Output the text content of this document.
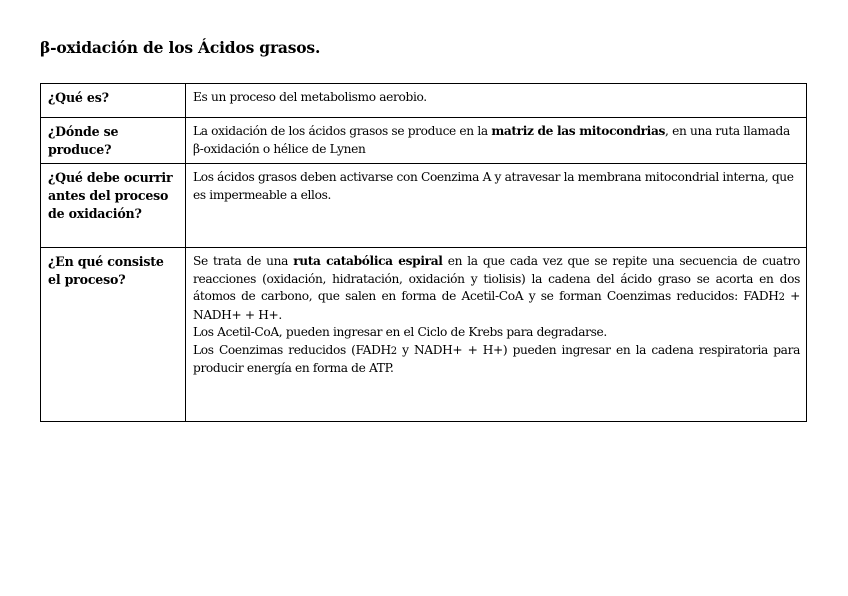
β-oxidación de los Ácidos grasos.
¿Qué es?	Es un proceso del metabolismo aerobio.
¿Dónde se produce?	La oxidación de los ácidos grasos se produce en la matriz de las mitocondrias, en una ruta llamada β-oxidación o hélice de Lynen
¿Qué debe ocurrir antes del proceso de oxidación?	Los ácidos grasos deben activarse con Coenzima A y atravesar la membrana mitocondrial interna, que es impermeable a ellos.
¿En qué consiste el proceso?	Se trata de una ruta catabólica espiral en la que cada vez que se repite una secuencia de cuatro reacciones (oxidación, hidratación, oxidación y tiolisis) la cadena del ácido graso se acorta en dos átomos de carbono, que salen en forma de Acetil-CoA y se forman Coenzimas reducidos: FADH2 + NADH+ + H+.
Los Acetil-CoA, pueden ingresar en el Ciclo de Krebs para degradarse.
Los Coenzimas reducidos (FADH2 y NADH+ + H+) pueden ingresar en la cadena respiratoria para producir energía en forma de ATP.
